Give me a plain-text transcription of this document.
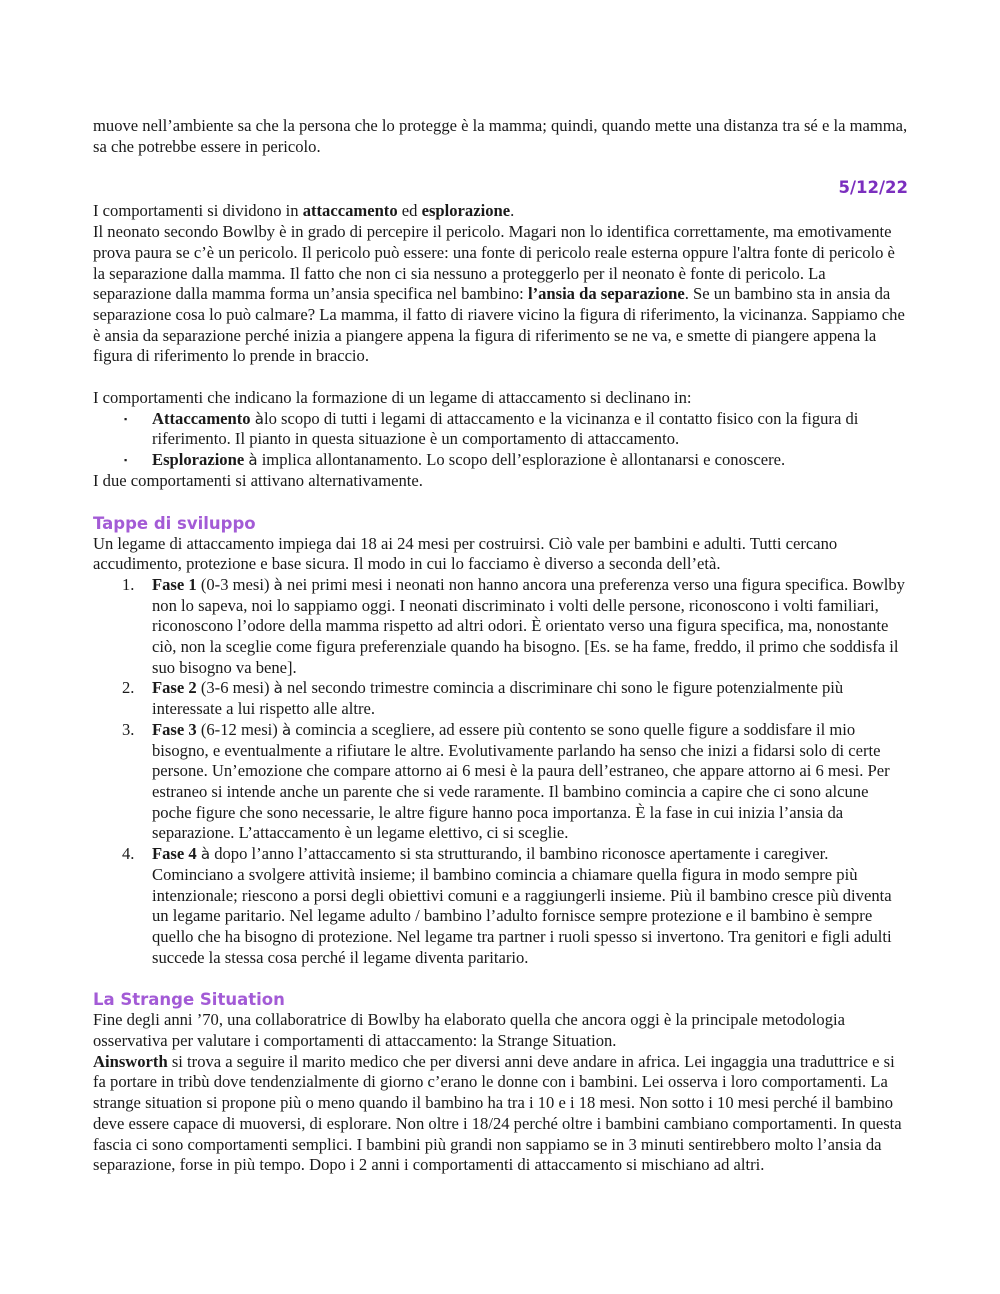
muove nell’ambiente sa che la persona che lo protegge è la mamma; quindi, quando mette una distanza tra sé e la mamma, sa che potrebbe essere in pericolo.

5/12/22

I comportamenti si dividono in attaccamento ed esplorazione.

Il neonato secondo Bowlby è in grado di percepire il pericolo. Magari non lo identifica correttamente, ma emotivamente prova paura se c’è un pericolo. Il pericolo può essere: una fonte di pericolo reale esterna oppure l'altra fonte di pericolo è la separazione dalla mamma. Il fatto che non ci sia nessuno a proteggerlo per il neonato è fonte di pericolo. La separazione dalla mamma forma un’ansia specifica nel bambino: l’ansia da separazione. Se un bambino sta in ansia da separazione cosa lo può calmare? La mamma, il fatto di riavere vicino la figura di riferimento, la vicinanza. Sappiamo che è ansia da separazione perché inizia a piangere appena la figura di riferimento se ne va, e smette di piangere appena la figura di riferimento lo prende in braccio.

I comportamenti che indicano la formazione di un legame di attaccamento si declinano in:

▪ Attaccamento àlo scopo di tutti i legami di attaccamento e la vicinanza e il contatto fisico con la figura di riferimento. Il pianto in questa situazione è un comportamento di attaccamento.
▪ Esplorazione à implica allontanamento. Lo scopo dell’esplorazione è allontanarsi e conoscere.

I due comportamenti si attivano alternativamente.

Tappe di sviluppo

Un legame di attaccamento impiega dai 18 ai 24 mesi per costruirsi. Ciò vale per bambini e adulti. Tutti cercano accudimento, protezione e base sicura. Il modo in cui lo facciamo è diverso a seconda dell’età.

1. Fase 1 (0-3 mesi) à nei primi mesi i neonati non hanno ancora una preferenza verso una figura specifica. Bowlby non lo sapeva, noi lo sappiamo oggi. I neonati discriminato i volti delle persone, riconoscono i volti familiari, riconoscono l’odore della mamma rispetto ad altri odori. È orientato verso una figura specifica, ma, nonostante ciò, non la sceglie come figura preferenziale quando ha bisogno. [Es. se ha fame, freddo, il primo che soddisfa il suo bisogno va bene].
2. Fase 2 (3-6 mesi) à nel secondo trimestre comincia a discriminare chi sono le figure potenzialmente più interessate a lui rispetto alle altre.
3. Fase 3 (6-12 mesi) à comincia a scegliere, ad essere più contento se sono quelle figure a soddisfare il mio bisogno, e eventualmente a rifiutare le altre. Evolutivamente parlando ha senso che inizi a fidarsi solo di certe persone. Un’emozione che compare attorno ai 6 mesi è la paura dell’estraneo, che appare attorno ai 6 mesi. Per estraneo si intende anche un parente che si vede raramente. Il bambino comincia a capire che ci sono alcune poche figure che sono necessarie, le altre figure hanno poca importanza. È la fase in cui inizia l’ansia da separazione. L’attaccamento è un legame elettivo, ci si sceglie.
4. Fase 4 à dopo l’anno l’attaccamento si sta strutturando, il bambino riconosce apertamente i caregiver. Cominciano a svolgere attività insieme; il bambino comincia a chiamare quella figura in modo sempre più intenzionale; riescono a porsi degli obiettivi comuni e a raggiungerli insieme. Più il bambino cresce più diventa un legame paritario. Nel legame adulto / bambino l’adulto fornisce sempre protezione e il bambino è sempre quello che ha bisogno di protezione. Nel legame tra partner i ruoli spesso si invertono. Tra genitori e figli adulti succede la stessa cosa perché il legame diventa paritario.
La Strange Situation

Fine degli anni ’70, una collaboratrice di Bowlby ha elaborato quella che ancora oggi è la principale metodologia osservativa per valutare i comportamenti di attaccamento: la Strange Situation.

Ainsworth si trova a seguire il marito medico che per diversi anni deve andare in africa. Lei ingaggia una traduttrice e si fa portare in tribù dove tendenzialmente di giorno c’erano le donne con i bambini. Lei osserva i loro comportamenti. La strange situation si propone più o meno quando il bambino ha tra i 10 e i 18 mesi. Non sotto i 10 mesi perché il bambino deve essere capace di muoversi, di esplorare. Non oltre i 18/24 perché oltre i bambini cambiano comportamenti. In questa fascia ci sono comportamenti semplici. I bambini più grandi non sappiamo se in 3 minuti sentirebbero molto l’ansia da separazione, forse in più tempo. Dopo i 2 anni i comportamenti di attaccamento si mischiano ad altri.
